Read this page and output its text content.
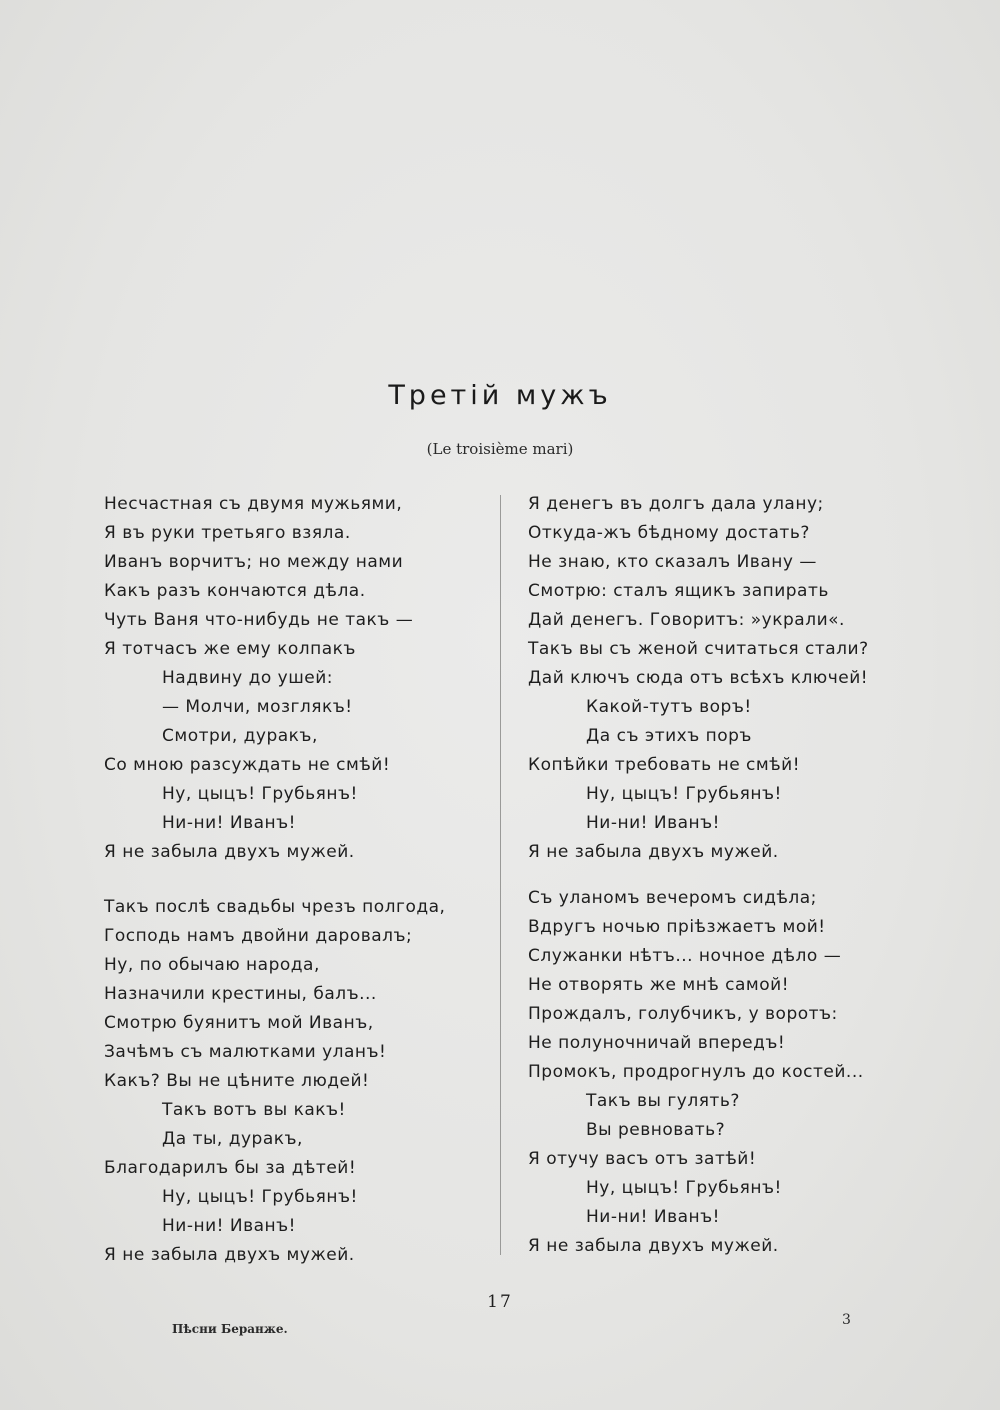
Третій мужъ
(Le troisième mari)
Несчастная съ двумя мужьями,
Я въ руки третьяго взяла.
Иванъ ворчитъ; но между нами
Какъ разъ кончаются дѣла.
Чуть Ваня что-нибудь не такъ —
Я тотчасъ же ему колпакъ
Надвину до ушей:
— Молчи, мозглякъ!
Смотри, дуракъ,
Со мною разсуждать не смѣй!
Ну, цыцъ! Грубьянъ!
Ни-ни! Иванъ!
Я не забыла двухъ мужей.
Такъ послѣ свадьбы чрезъ полгода,
Господь намъ двойни даровалъ;
Ну, по обычаю народа,
Назначили крестины, балъ...
Смотрю буянитъ мой Иванъ,
Зачѣмъ съ малютками уланъ!
Какъ? Вы не цѣните людей!
Такъ вотъ вы какъ!
Да ты, дуракъ,
Благодарилъ бы за дѣтей!
Ну, цыцъ! Грубьянъ!
Ни-ни! Иванъ!
Я не забыла двухъ мужей.
Я денегъ въ долгъ дала улану;
Откуда-жъ бѣдному достать?
Не знаю, кто сказалъ Ивану —
Смотрю: сталъ ящикъ запирать
Дай денегъ. Говоритъ: »украли«.
Такъ вы съ женой считаться стали?
Дай ключъ сюда отъ всѣхъ ключей!
Какой-тутъ воръ!
Да съ этихъ поръ
Копѣйки требовать не смѣй!
Ну, цыцъ! Грубьянъ!
Ни-ни! Иванъ!
Я не забыла двухъ мужей.
Съ уланомъ вечеромъ сидѣла;
Вдругъ ночью пріѣзжаетъ мой!
Служанки нѣтъ... ночное дѣло —
Не отворять же мнѣ самой!
Прождалъ, голубчикъ, у воротъ:
Не полуночничай впередъ!
Промокъ, продрогнулъ до костей...
Такъ вы гулять?
Вы ревновать?
Я отучу васъ отъ затѣй!
Ну, цыцъ! Грубьянъ!
Ни-ни! Иванъ!
Я не забыла двухъ мужей.
17
Пѣсни Беранже.
3
